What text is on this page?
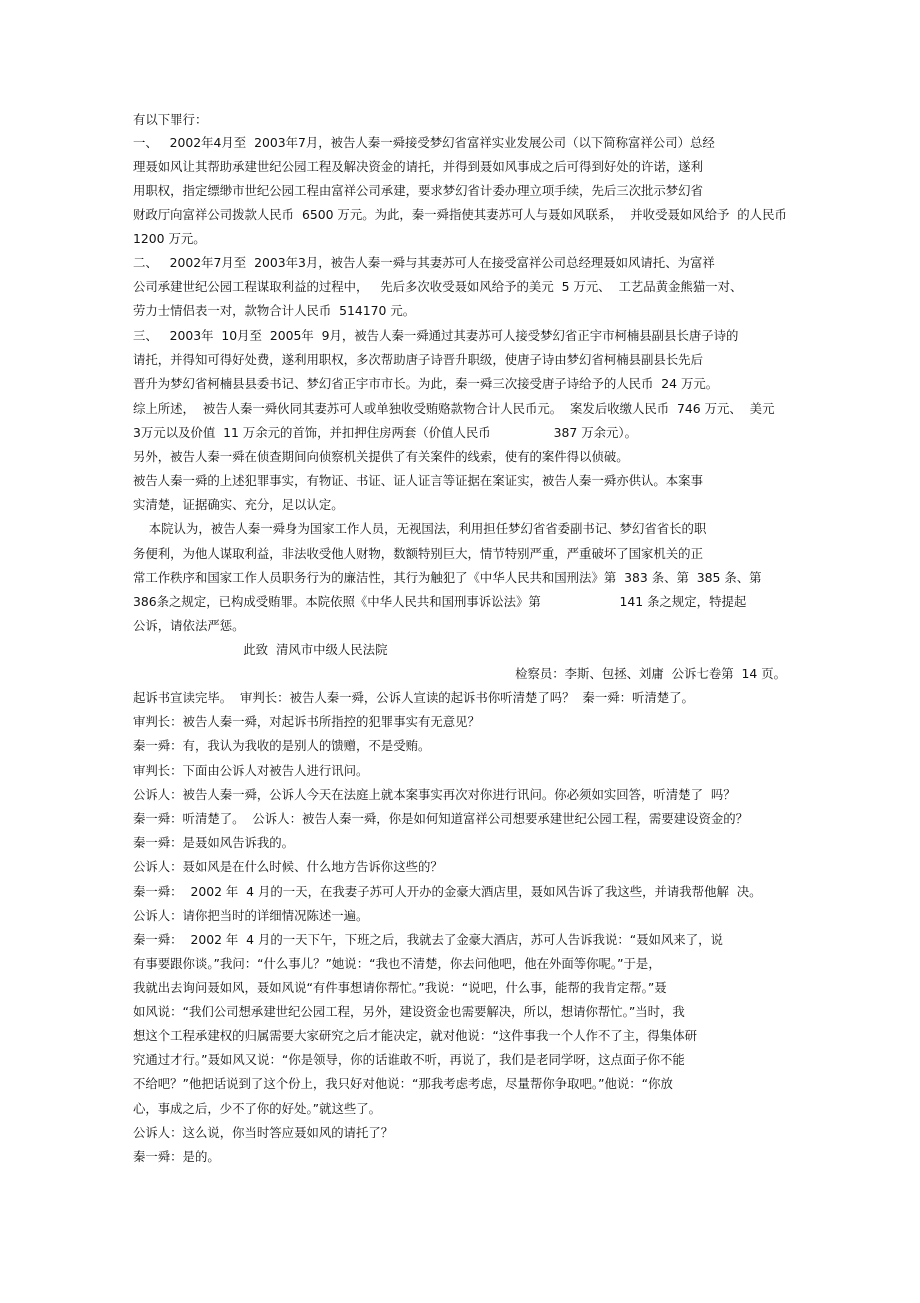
有以下罪行：

一、   2002年4月至  2003年7月，被告人秦一舜接受梦幻省富祥实业发展公司（以下简称富祥公司）总经

理聂如风让其帮助承建世纪公园工程及解决资金的请托，并得到聂如风事成之后可得到好处的许诺，遂利

用职权，指定缥缈市世纪公园工程由富祥公司承建，要求梦幻省计委办理立项手续，先后三次批示梦幻省

财政厅向富祥公司拨款人民币  6500 万元。为此，秦一舜指使其妻苏可人与聂如风联系，  并收受聂如风给予  的人民币

1200 万元。

二、   2002年7月至  2003年3月，被告人秦一舜与其妻苏可人在接受富祥公司总经理聂如风请托、为富祥

公司承建世纪公园工程谋取利益的过程中，   先后多次收受聂如风给予的美元  5 万元、  工艺品黄金熊猫一对、

劳力士情侣表一对，款物合计人民币  514170 元。

三、   2003年  10月至  2005年  9月，被告人秦一舜通过其妻苏可人接受梦幻省正宇市柯楠县副县长唐子诗的

请托，并得知可得好处费，遂利用职权，多次帮助唐子诗晋升职级，使唐子诗由梦幻省柯楠县副县长先后

晋升为梦幻省柯楠县县委书记、梦幻省正宇市市长。为此，秦一舜三次接受唐子诗给予的人民币  24 万元。

综上所述，  被告人秦一舜伙同其妻苏可人或单独收受贿赂款物合计人民币元。  案发后收缴人民币  746 万元、  美元

3万元以及价值  11 万余元的首饰，并扣押住房两套（价值人民币                387 万余元）。

另外，被告人秦一舜在侦查期间向侦察机关提供了有关案件的线索，使有的案件得以侦破。

被告人秦一舜的上述犯罪事实，有物证、书证、证人证言等证据在案证实，被告人秦一舜亦供认。本案事

实清楚，证据确实、充分，足以认定。

本院认为，被告人秦一舜身为国家工作人员，无视国法，利用担任梦幻省省委副书记、梦幻省省长的职

务便利，为他人谋取利益，非法收受他人财物，数额特别巨大，情节特别严重，严重破坏了国家机关的正

常工作秩序和国家工作人员职务行为的廉洁性，其行为触犯了《中华人民共和国刑法》第  383 条、第  385 条、第

386条之规定，已构成受贿罪。本院依照《中华人民共和国刑事诉讼法》第                    141 条之规定，特提起

公诉，请依法严惩。

此致  清风市中级人民法院

检察员：李斯、包拯、刘庸  公诉七卷第  14 页。

起诉书宣读完毕。  审判长：被告人秦一舜，公诉人宣读的起诉书你听清楚了吗？  秦一舜：听清楚了。

审判长：被告人秦一舜，对起诉书所指控的犯罪事实有无意见？

秦一舜：有，我认为我收的是别人的馈赠，不是受贿。

审判长：下面由公诉人对被告人进行讯问。

公诉人：被告人秦一舜，公诉人今天在法庭上就本案事实再次对你进行讯问。你必须如实回答，听清楚了  吗？

秦一舜：听清楚了。  公诉人：被告人秦一舜，你是如何知道富祥公司想要承建世纪公园工程，需要建设资金的？

秦一舜：是聂如风告诉我的。

公诉人：聂如风是在什么时候、什么地方告诉你这些的？

秦一舜：  2002 年  4 月的一天，在我妻子苏可人开办的金豪大酒店里，聂如风告诉了我这些，并请我帮他解  决。

公诉人：请你把当时的详细情况陈述一遍。

秦一舜：  2002 年  4 月的一天下午，下班之后，我就去了金豪大酒店，苏可人告诉我说：“聂如风来了，说

有事要跟你谈。”我问：“什么事儿？”她说：“我也不清楚，你去问他吧，他在外面等你呢。”于是，

我就出去询问聂如风，聂如风说“有件事想请你帮忙。”我说：“说吧，什么事，能帮的我肯定帮。”聂

如风说：“我们公司想承建世纪公园工程，另外，建设资金也需要解决，所以，想请你帮忙。”当时，我

想这个工程承建权的归属需要大家研究之后才能决定，就对他说：“这件事我一个人作不了主，得集体研

究通过才行。”聂如风又说：“你是领导，你的话谁敢不听，再说了，我们是老同学呀，这点面子你不能

不给吧？”他把话说到了这个份上，我只好对他说：“那我考虑考虑，尽量帮你争取吧。”他说：“你放

心，事成之后，少不了你的好处。”就这些了。

公诉人：这么说，你当时答应聂如风的请托了？

秦一舜：是的。
